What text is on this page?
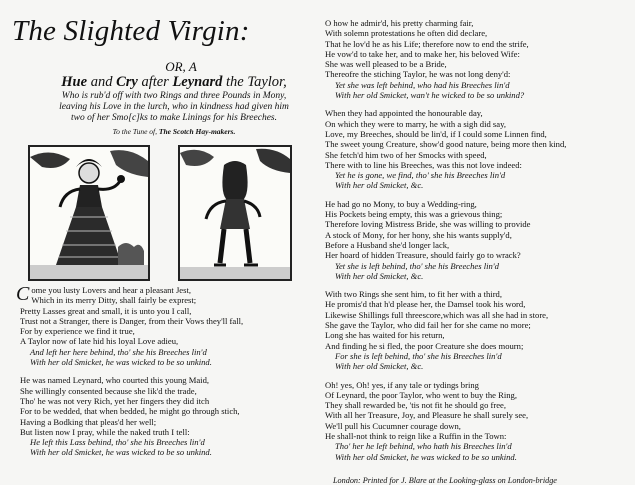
The Slighted Virgin:
OR, A
Hue and Cry after Leynard the Taylor,
Who is rub'd off with two Rings and three Pounds in Mony,
leaving his Love in the lurch, who in kindness had given him
two of her Smo[c]ks to make Linings for his Breeches.
To the Tune of, The Scotch Hay-makers.
Come you lusty Lovers and hear a pleasant Jest,
Which in its merry Ditty, shall fairly be exprest;
Pretty Lasses great and small, it is unto you I call,
Trust not a Stranger, there is Danger, from their Vows they'll fall,
For by experience we find it true,
A Taylor now of late hid his loyal Love adieu,
And left her here behind, tho' she his Breeches lin'd
With her old Smicket, he was wicked to be so unkind.
He was named Leynard, who courted this young Maid,
She willingly consented because she lik'd the trade,
Tho' he was not very Rich, yet her fingers they did itch
For to be wedded, that when bedded, he might go through stich,
Having a Bodking that pleas'd her well;
But listen now I pray, while the naked truth I tell:
He left this Lass behind, tho' she his Breeches lin'd
With her old Smicket, he was wicked to be so unkind.
O how he admir'd, his pretty charming fair,
With solemn protestations he often did declare,
That he lov'd he as his Life; therefore now to end the strife,
He vow'd to take her, and to make her, his beloved Wife:
She was well pleased to be a Bride,
Thereofre the stiching Taylor, he was not long deny'd:
Yet she was left behind, who had his Breeches lin'd
With her old Smicket, wan't he wicked to be so unkind?
When they had appointed the honourable day,
On which they were to marry, he with a sigh did say,
Love, my Breeches, should be lin'd, if I could some Linnen find,
The sweet young Creature, show'd good nature, being more then kind,
She fetch'd him two of her Smocks with speed,
There with to line his Breeches, was this not love indeed:
Yet he is gone, we find, tho' she his Breeches lin'd
With her old Smicket, &c.
He had go no Mony, to buy a Wedding-ring,
His Pockets being empty, this was a grievous thing;
Therefore loving Mistress Bride, she was willing to provide
A stock of Mony, for her hony, she his wants supply'd,
Before a Husband she'd longer lack,
Her hoard of hidden Treasure, should fairly go to wrack?
Yet she is left behind, tho' she his Breeches lin'd
With her old Smicket, &c.
With two Rings she sent him, to fit her with a third,
He promis'd that h'd please her, the Damsel took his word,
Likewise Shillings full threescore,which was all she had in store,
She gave the Taylor, who did fail her for she came no more;
Long she has waited for his return,
And finding he si fled, the poor Creature she does mourn;
For she is left behind, tho' she his Breeches lin'd
With her old Smicket, &c.
Oh! yes, Oh! yes, if any tale or tydings bring
Of Leynard, the poor Taylor, who went to buy the Ring,
They shall rewarded be, 'tis not fit he should go free,
With all her Treasure, Joy, and Pleasure he shall surely see,
We'll pull his Cucumner courage down,
He shall-not think to reign like a Ruffin in the Town:
Tho' her he left behind, who hath his Breeches lin'd
With her old Smicket, he was wicked to be so unkind.
London: Printed for J. Blare at the Looking-glass on London-bridge
